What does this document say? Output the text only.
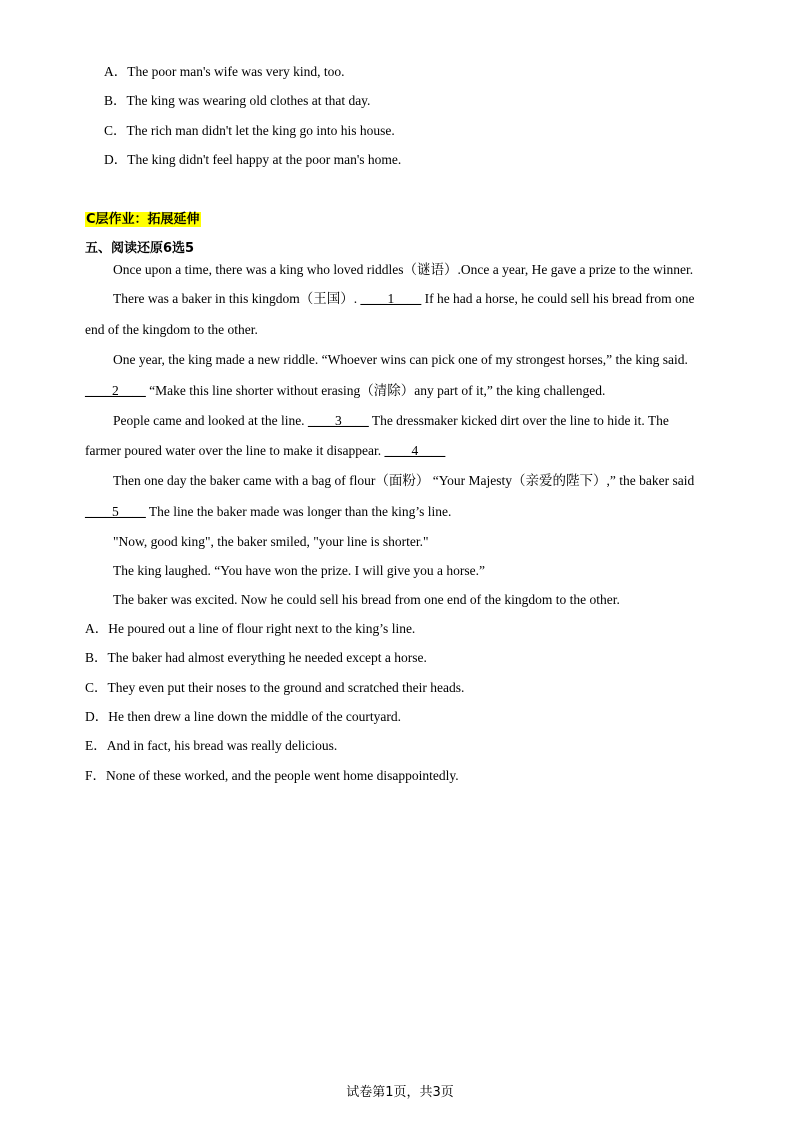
A．The poor man's wife was very kind, too.
B．The king was wearing old clothes at that day.
C．The rich man didn't let the king go into his house.
D．The king didn't feel happy at the poor man's home.
C层作业：拓展延伸
五、阅读还原6选5
Once upon a time, there was a king who loved riddles（谜语）.Once a year, He gave a prize to the winner.
There was a baker in this kingdom（王国）. ____1____ If he had a horse, he could sell his bread from one
end of the kingdom to the other.
One year, the king made a new riddle. “Whoever wins can pick one of my strongest horses,” the king said.
____2____ “Make this line shorter without erasing（清除）any part of it,” the king challenged.
People came and looked at the line. ____3____ The dressmaker kicked dirt over the line to hide it. The
farmer poured water over the line to make it disappear. ____4____
Then one day the baker came with a bag of flour（面粉） “Your Majesty（亲爱的陛下）,” the baker said
____5____ The line the baker made was longer than the king’s line.
"Now, good king", the baker smiled, "your line is shorter."
The king laughed. “You have won the prize. I will give you a horse.”
The baker was excited. Now he could sell his bread from one end of the kingdom to the other.
A．He poured out a line of flour right next to the king’s line.
B．The baker had almost everything he needed except a horse.
C．They even put their noses to the ground and scratched their heads.
D．He then drew a line down the middle of the courtyard.
E．And in fact, his bread was really delicious.
F．None of these worked, and the people went home disappointedly.
试卷第1页，共3页
